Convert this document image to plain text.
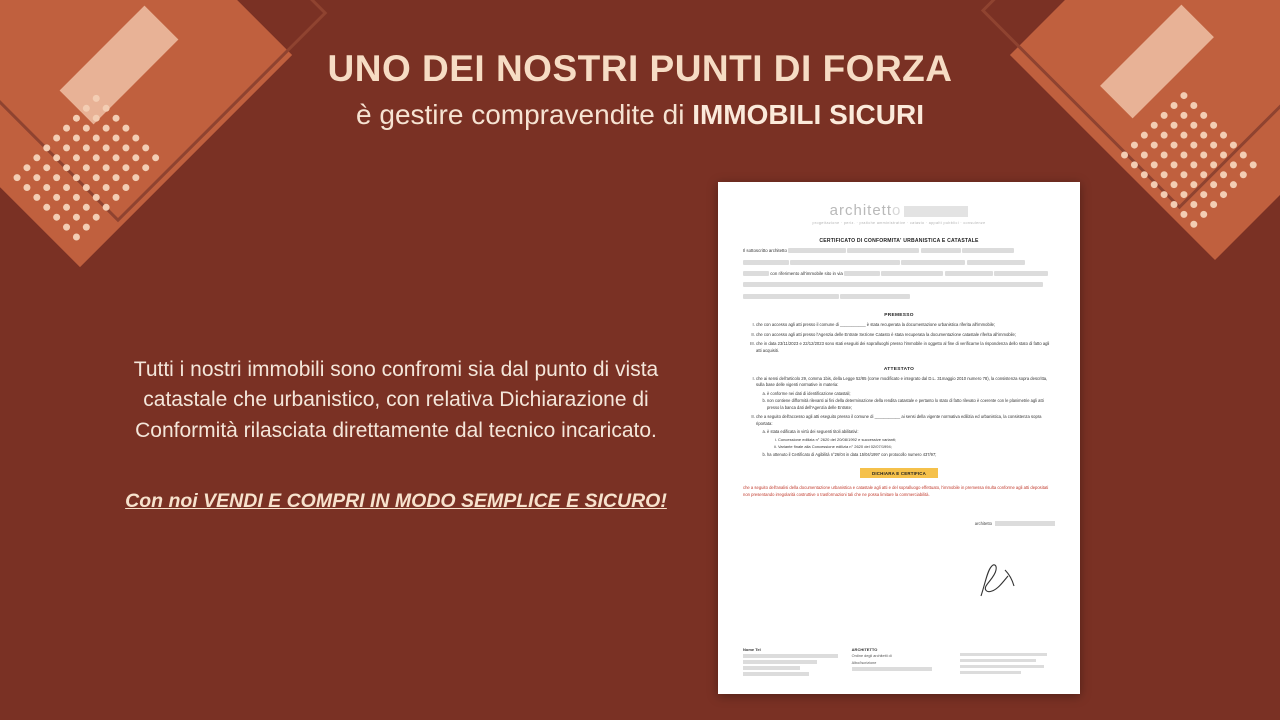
UNO DEI NOSTRI PUNTI DI FORZA
è gestire compravendite di IMMOBILI SICURI
Tutti i nostri immobili sono confromi sia dal punto di vista catastale che urbanistico, con relativa Dichiarazione di Conformità rilasciata direttamente dal tecnico incaricato.
Con noi VENDI E COMPRI IN MODO SEMPLICE E SICURO!
architetto
progettazione · periz. · pratiche amministrative · catasto · appalti pubblici · consulenze
CERTIFICATO DI CONFORMITA' URBANISTICA E CATASTALE
Il sottoscritto architetto

con riferimento all'immobile sito in via

PREMESSO
I. che con accesso agli atti presso il comune di ___________ è stata recuperata la documentazione urbanistica riferita all'immobile;
II. che con accesso agli atti presso l'Agenzia delle Entrate Sezione Catasto è stata recuperata la documentazione catastale riferita all'immobile;
III. che in data 23/11/2023 e 22/12/2023 sono stati eseguiti dei sopralluoghi presso l'immobile in oggetto al fine di verificarne la rispondenza dello stato di fatto agli atti acquisiti.
ATTESTATO
I. che ai sensi dell'articolo 29, comma 1bis, della Legge 52/85 (come modificato e integrato dal D.L. 31maggio 2010 numero 78), la consistenza sopra descritta, sulla base delle vigenti normative in materia:
a. è conforme nei dati di identificazione catastali;
b. non contiene difformità rilevanti ai fini della determinazione della rendita catastale e pertanto lo stato di fatto rilevato è coerente con le planimetrie agli atti presso la banca dati dell'Agenzia delle Entrate;
II. che a seguito dell'accesso agli atti eseguito presso il comune di ___________ ai sensi della vigente normativa edilizia ed urbanistica, la consistenza sopra riportata:
a. è stata edificata in virtù dei seguenti titoli abilitativi:
i. Concessione edilizia n° 2620 del 20/08/1992 e successive varianti;
ii. Variante finale alla Concessione edilizia n° 2620 del 02/07/1994;
b. ha ottenuto il Certificato di Agibilità n°26/04 in data 15/04/1997 con protocollo numero 437/97;
DICHIARA E CERTIFICA
che a seguito dell'analisi della documentazione urbanistica e catastale agli atti e del sopralluogo effettuato, l'immobile in premessa risulta conforme agli atti depositati non presentando irregolarità costruttive o trasformazioni tali che ne possa limitare la commerciabilità.
architetto
Nome Tel	ARCHITETTO
Ordine degli architetti di
Albo/Iscrizione
